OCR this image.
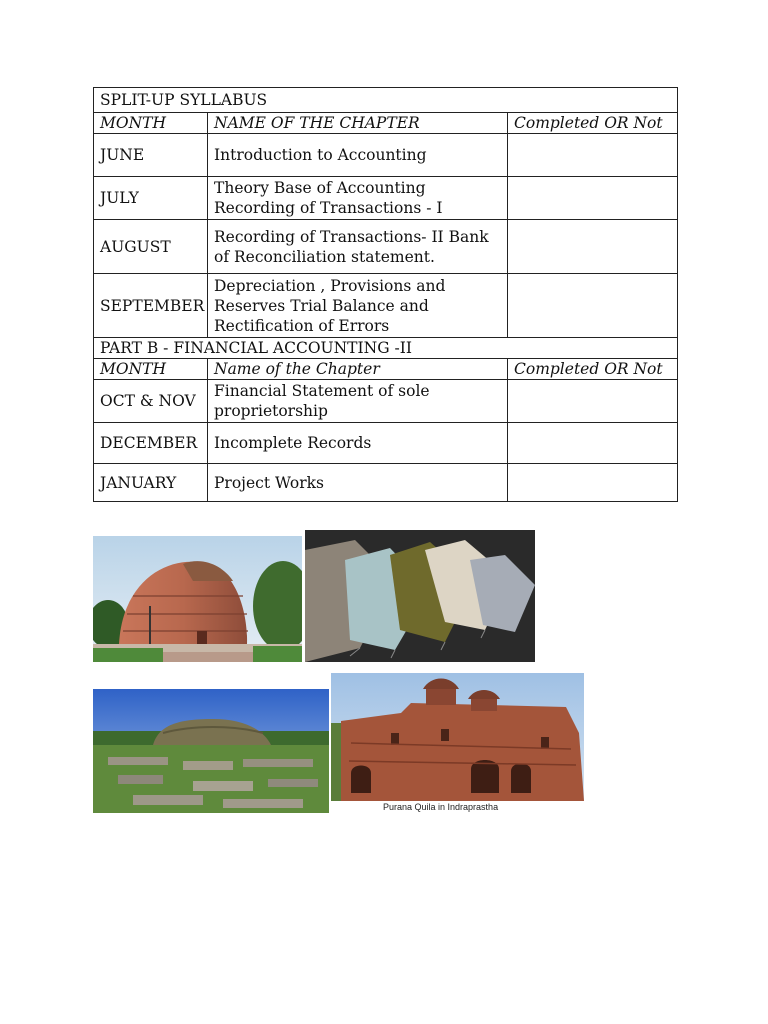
SPLIT-UP SYLLABUS		
MONTH	NAME OF THE CHAPTER	Completed OR Not
JUNE	Introduction to Accounting	
JULY	Theory Base of Accounting Recording of Transactions - I	
AUGUST	Recording of Transactions- II Bank of Reconciliation statement.	
SEPTEMBER	Depreciation , Provisions and Reserves Trial Balance and Rectification of Errors	
PART B - FINANCIAL ACCOUNTING -II		
MONTH	Name of the Chapter	Completed OR Not
OCT & NOV	Financial Statement of sole proprietorship	
DECEMBER	Incomplete Records	
JANUARY	Project Works	
Purana Quila in Indraprastha
